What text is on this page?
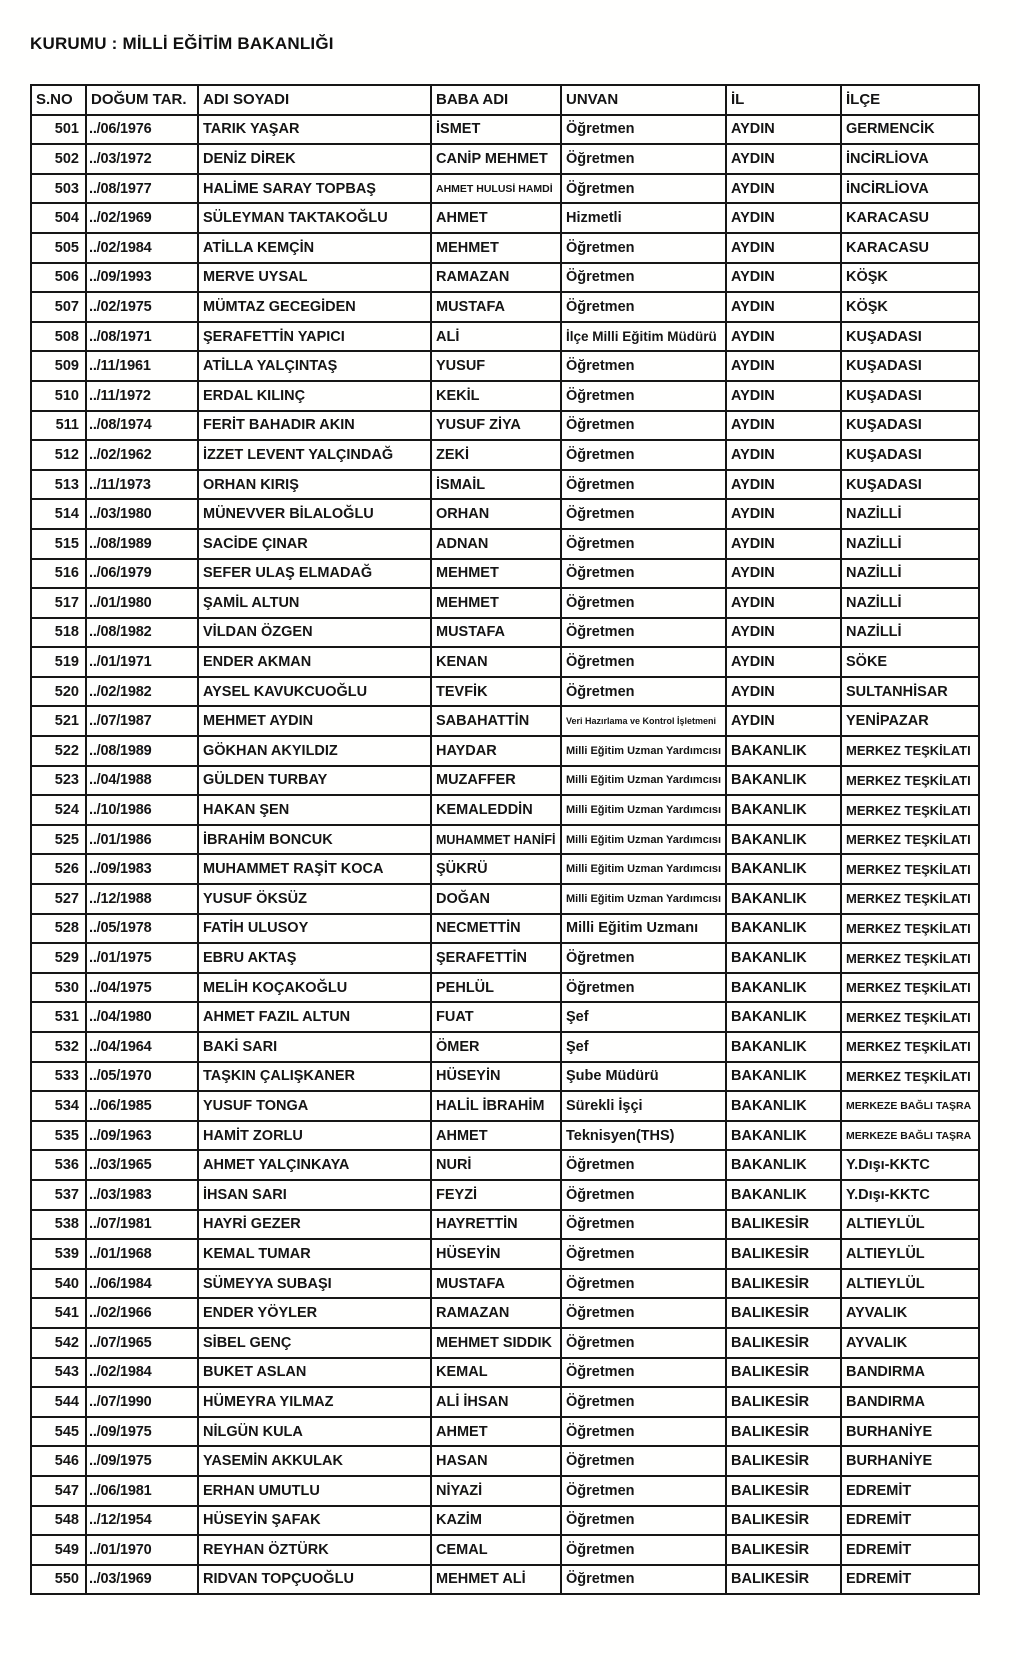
KURUMU : MİLLİ EĞİTİM BAKANLIĞI
S.NO	DOĞUM TAR.	ADI SOYADI	BABA ADI	UNVAN	İL	İLÇE
501	../06/1976	TARIK YAŞAR	İSMET	Öğretmen	AYDIN	GERMENCİK
502	../03/1972	DENİZ DİREK	CANİP MEHMET	Öğretmen	AYDIN	İNCİRLİOVA
503	../08/1977	HALİME SARAY TOPBAŞ	AHMET HULUSİ HAMDİ	Öğretmen	AYDIN	İNCİRLİOVA
504	../02/1969	SÜLEYMAN TAKTAKOĞLU	AHMET	Hizmetli	AYDIN	KARACASU
505	../02/1984	ATİLLA KEMÇİN	MEHMET	Öğretmen	AYDIN	KARACASU
506	../09/1993	MERVE UYSAL	RAMAZAN	Öğretmen	AYDIN	KÖŞK
507	../02/1975	MÜMTAZ GECEGİDEN	MUSTAFA	Öğretmen	AYDIN	KÖŞK
508	../08/1971	ŞERAFETTİN YAPICI	ALİ	İlçe Milli Eğitim Müdürü	AYDIN	KUŞADASI
509	../11/1961	ATİLLA YALÇINTAŞ	YUSUF	Öğretmen	AYDIN	KUŞADASI
510	../11/1972	ERDAL KILINÇ	KEKİL	Öğretmen	AYDIN	KUŞADASI
511	../08/1974	FERİT BAHADIR AKIN	YUSUF ZİYA	Öğretmen	AYDIN	KUŞADASI
512	../02/1962	İZZET LEVENT YALÇINDAĞ	ZEKİ	Öğretmen	AYDIN	KUŞADASI
513	../11/1973	ORHAN KIRIŞ	İSMAİL	Öğretmen	AYDIN	KUŞADASI
514	../03/1980	MÜNEVVER BİLALOĞLU	ORHAN	Öğretmen	AYDIN	NAZİLLİ
515	../08/1989	SACİDE ÇINAR	ADNAN	Öğretmen	AYDIN	NAZİLLİ
516	../06/1979	SEFER ULAŞ ELMADAĞ	MEHMET	Öğretmen	AYDIN	NAZİLLİ
517	../01/1980	ŞAMİL ALTUN	MEHMET	Öğretmen	AYDIN	NAZİLLİ
518	../08/1982	VİLDAN ÖZGEN	MUSTAFA	Öğretmen	AYDIN	NAZİLLİ
519	../01/1971	ENDER AKMAN	KENAN	Öğretmen	AYDIN	SÖKE
520	../02/1982	AYSEL KAVUKCUOĞLU	TEVFİK	Öğretmen	AYDIN	SULTANHİSAR
521	../07/1987	MEHMET AYDIN	SABAHATTİN	Veri Hazırlama ve Kontrol İşletmeni	AYDIN	YENİPAZAR
522	../08/1989	GÖKHAN AKYILDIZ	HAYDAR	Milli Eğitim Uzman Yardımcısı	BAKANLIK	MERKEZ TEŞKİLATI
523	../04/1988	GÜLDEN TURBAY	MUZAFFER	Milli Eğitim Uzman Yardımcısı	BAKANLIK	MERKEZ TEŞKİLATI
524	../10/1986	HAKAN ŞEN	KEMALEDDİN	Milli Eğitim Uzman Yardımcısı	BAKANLIK	MERKEZ TEŞKİLATI
525	../01/1986	İBRAHİM BONCUK	MUHAMMET HANİFİ	Milli Eğitim Uzman Yardımcısı	BAKANLIK	MERKEZ TEŞKİLATI
526	../09/1983	MUHAMMET RAŞİT KOCA	ŞÜKRÜ	Milli Eğitim Uzman Yardımcısı	BAKANLIK	MERKEZ TEŞKİLATI
527	../12/1988	YUSUF ÖKSÜZ	DOĞAN	Milli Eğitim Uzman Yardımcısı	BAKANLIK	MERKEZ TEŞKİLATI
528	../05/1978	FATİH ULUSOY	NECMETTİN	Milli Eğitim Uzmanı	BAKANLIK	MERKEZ TEŞKİLATI
529	../01/1975	EBRU AKTAŞ	ŞERAFETTİN	Öğretmen	BAKANLIK	MERKEZ TEŞKİLATI
530	../04/1975	MELİH KOÇAKOĞLU	PEHLÜL	Öğretmen	BAKANLIK	MERKEZ TEŞKİLATI
531	../04/1980	AHMET FAZIL ALTUN	FUAT	Şef	BAKANLIK	MERKEZ TEŞKİLATI
532	../04/1964	BAKİ SARI	ÖMER	Şef	BAKANLIK	MERKEZ TEŞKİLATI
533	../05/1970	TAŞKIN ÇALIŞKANER	HÜSEYİN	Şube Müdürü	BAKANLIK	MERKEZ TEŞKİLATI
534	../06/1985	YUSUF TONGA	HALİL İBRAHİM	Sürekli İşçi	BAKANLIK	MERKEZE BAĞLI TAŞRA
535	../09/1963	HAMİT ZORLU	AHMET	Teknisyen(THS)	BAKANLIK	MERKEZE BAĞLI TAŞRA
536	../03/1965	AHMET YALÇINKAYA	NURİ	Öğretmen	BAKANLIK	Y.Dışı-KKTC
537	../03/1983	İHSAN SARI	FEYZİ	Öğretmen	BAKANLIK	Y.Dışı-KKTC
538	../07/1981	HAYRİ GEZER	HAYRETTİN	Öğretmen	BALIKESİR	ALTIEYLÜL
539	../01/1968	KEMAL TUMAR	HÜSEYİN	Öğretmen	BALIKESİR	ALTIEYLÜL
540	../06/1984	SÜMEYYA SUBAŞI	MUSTAFA	Öğretmen	BALIKESİR	ALTIEYLÜL
541	../02/1966	ENDER YÖYLER	RAMAZAN	Öğretmen	BALIKESİR	AYVALIK
542	../07/1965	SİBEL GENÇ	MEHMET SIDDIK	Öğretmen	BALIKESİR	AYVALIK
543	../02/1984	BUKET ASLAN	KEMAL	Öğretmen	BALIKESİR	BANDIRMA
544	../07/1990	HÜMEYRA YILMAZ	ALİ İHSAN	Öğretmen	BALIKESİR	BANDIRMA
545	../09/1975	NİLGÜN KULA	AHMET	Öğretmen	BALIKESİR	BURHANİYE
546	../09/1975	YASEMİN AKKULAK	HASAN	Öğretmen	BALIKESİR	BURHANİYE
547	../06/1981	ERHAN UMUTLU	NİYAZİ	Öğretmen	BALIKESİR	EDREMİT
548	../12/1954	HÜSEYİN ŞAFAK	KAZİM	Öğretmen	BALIKESİR	EDREMİT
549	../01/1970	REYHAN ÖZTÜRK	CEMAL	Öğretmen	BALIKESİR	EDREMİT
550	../03/1969	RIDVAN TOPÇUOĞLU	MEHMET ALİ	Öğretmen	BALIKESİR	EDREMİT
